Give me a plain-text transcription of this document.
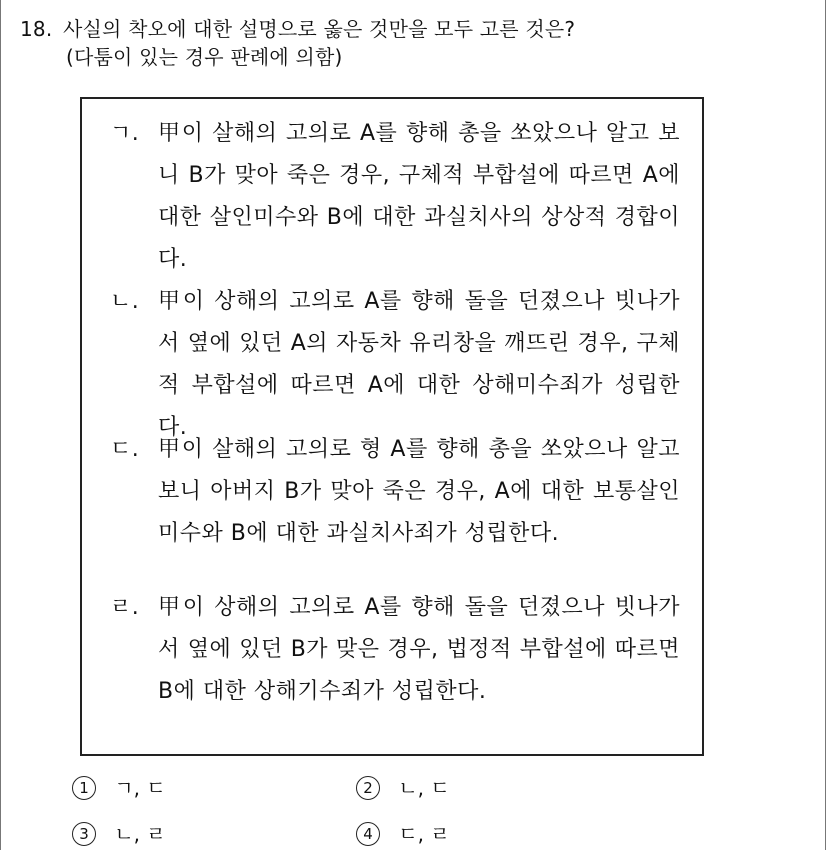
18. 사실의 착오에 대한 설명으로 옳은 것만을 모두 고른 것은?
(다툼이 있는 경우 판례에 의함)
ㄱ. 甲이 살해의 고의로 A를 향해 총을 쏘았으나 알고 보니 B가 맞아 죽은 경우, 구체적 부합설에 따르면 A에 대한 살인미수와 B에 대한 과실치사의 상상적 경합이다.
ㄴ. 甲이 상해의 고의로 A를 향해 돌을 던졌으나 빗나가서 옆에 있던 A의 자동차 유리창을 깨뜨린 경우, 구체적 부합설에 따르면 A에 대한 상해미수죄가 성립한다.
ㄷ. 甲이 살해의 고의로 형 A를 향해 총을 쏘았으나 알고 보니 아버지 B가 맞아 죽은 경우, A에 대한 보통살인 미수와 B에 대한 과실치사죄가 성립한다.
ㄹ. 甲이 상해의 고의로 A를 향해 돌을 던졌으나 빗나가서 옆에 있던 B가 맞은 경우, 법정적 부합설에 따르면 B에 대한 상해기수죄가 성립한다.
1 ㄱ, ㄷ	2 ㄴ, ㄷ
3 ㄴ, ㄹ	4 ㄷ, ㄹ
